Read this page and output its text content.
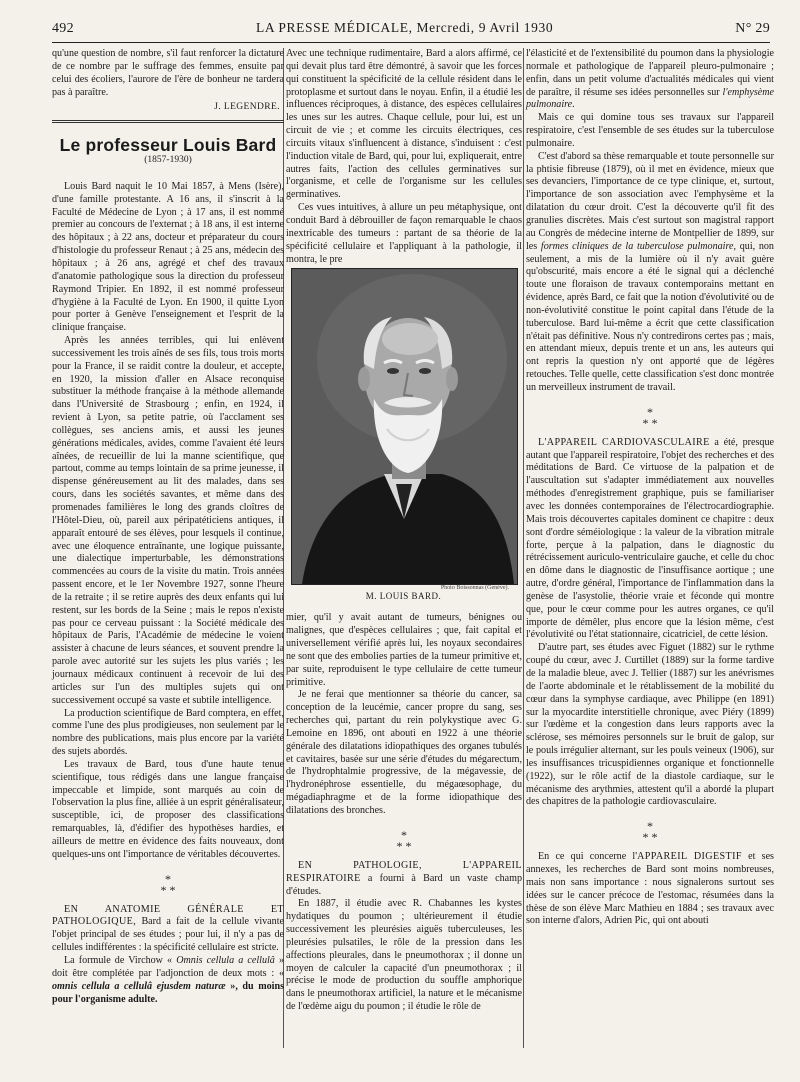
492	LA PRESSE MÉDICALE, Mercredi, 9 Avril 1930	N° 29

qu'une question de nombre, s'il faut renforcer la dictature de ce nombre par le suffrage des femmes, ensuite par celui des écoliers, l'aurore de l'ère de bonheur ne tardera pas à paraître.

J. LEGENDRE.
Le professeur Louis Bard
(1857-1930)

Louis Bard naquit le 10 Mai 1857, à Mens (Isère), d'une famille protestante. A 16 ans, il s'inscrit à la Faculté de Médecine de Lyon ; à 17 ans, il est nommé premier au concours de l'externat ; à 18 ans, il est interne des hôpitaux ; à 22 ans, docteur et préparateur du cours d'histologie du professeur Renaut ; à 25 ans, médecin des hôpitaux ; à 26 ans, agrégé et chef des travaux d'anatomie pathologique sous la direction du professeur Raymond Tripier. En 1892, il est nommé professeur d'hygiène à la Faculté de Lyon. En 1900, il quitte Lyon pour porter à Genève l'enseignement et l'esprit de la clinique française.

Après les années terribles, qui lui enlèvent successivement les trois aînés de ses fils, tous trois morts pour la France, il se raidit contre la douleur, et accepte, en 1920, la mission d'aller en Alsace reconquise substituer la méthode française à la méthode allemande dans l'Université de Strasbourg ; enfin, en 1924, il revient à Lyon, sa petite patrie, où l'acclament ses collègues, ses anciens amis, et aussi les jeunes générations médicales, avides, comme l'avaient été leurs aînées, de recueillir de lui la manne scientifique, que partout, comme au temps lointain de sa prime jeunesse, il dispense généreusement au lit des malades, dans ses cours, dans les sociétés savantes, et même dans des promenades familières le long des grands cloîtres de l'Hôtel-Dieu, où, pareil aux péripatéticiens antiques, il apparaît entouré de ses élèves, pour lesquels il continue, avec une éloquence entraînante, une logique puissante, une dialectique imperturbable, les démonstrations commencées au cours de la visite du matin. Trois années passent encore, et le 1er Novembre 1927, sonne l'heure de la retraite ; il se retire auprès des deux enfants qui lui restent, sur les bords de la Seine ; mais le repos n'existe pas pour ce cerveau puissant : la Société médicale des hôpitaux de Paris, l'Académie de médecine le voient assister à chacune de leurs séances, et souvent prendre la parole avec autorité sur les sujets les plus variés ; les journaux médicaux continuent à recevoir de lui des articles sur l'un des multiples sujets qui ont successivement occupé sa vaste et subtile intelligence.

La production scientifique de Bard comptera, en effet, comme l'une des plus prodigieuses, non seulement par le nombre des publications, mais plus encore par la variété des sujets abordés.

Les travaux de Bard, tous d'une haute tenue scientifique, tous rédigés dans une langue française impeccable et limpide, sont marqués au coin de l'observation la plus fine, alliée à un esprit généralisateur, susceptible, ici, de proposer des classifications remarquables, là, d'édifier des hypothèses hardies, et ailleurs de mettre en évidence des faits nouveaux, dont quelques-uns ont l'importance de véritables découvertes.

*
* *

EN ANATOMIE GÉNÉRALE ET PATHOLOGIQUE, Bard a fait de la cellule vivante l'objet principal de ses études ; pour lui, il n'y a pas de cellules indifférentes : la spécificité cellulaire est stricte.

La formule de Virchow « Omnis cellula a cellulâ » doit être complétée par l'adjonction de deux mots : « omnis cellula a cellulâ ejusdem naturæ », du moins pour l'organisme adulte.

Avec une technique rudimentaire, Bard a alors affirmé, ce qui devait plus tard être démontré, à savoir que les forces qui constituent la spécificité de la cellule résident dans le protoplasme et surtout dans le noyau. Enfin, il a étudié les influences réciproques, à distance, des espèces cellulaires les unes sur les autres. Chaque cellule, pour lui, est un circuit de vie ; et comme les circuits électriques, ces circuits vitaux s'influencent à distance, s'induisent : c'est l'induction vitale de Bard, qui, pour lui, expliquerait, entre autres faits, l'action des cellules germinatives sur l'organisme, et celle de l'organisme sur les cellules germinatives.

Ces vues intuitives, à allure un peu métaphysique, ont conduit Bard à débrouiller de façon remarquable le chaos inextricable des tumeurs : partant de sa théorie de la spécificité cellulaire et l'appliquant à la pathologie, il montra, le pre

mier, qu'il y avait autant de tumeurs, bénignes ou malignes, que d'espèces cellulaires ; que, fait capital et universellement vérifié après lui, les noyaux secondaires ne sont que des embolies parties de la tumeur primitive et, par suite, reproduisent le type cellulaire de cette tumeur primitive.

Je ne ferai que mentionner sa théorie du cancer, sa conception de la leucémie, cancer propre du sang, ses recherches qui, partant du rein polykystique avec G. Lemoine en 1896, ont abouti en 1922 à une théorie générale des dilatations idiopathiques des organes tubulés et cavitaires, basée sur une série d'études du mégarectum, de l'hydrophtalmie progressive, de la mégavessie, de l'hydronéphrose essentielle, du mégaœsophage, du mégadiaphragme et de la forme idiopathique des dilatations des bronches.

*
* *

EN PATHOLOGIE, L'APPAREIL RESPIRATOIRE a fourni à Bard un vaste champ d'études.

En 1887, il étudie avec R. Chabannes les kystes hydatiques du poumon ; ultérieurement il étudie successivement les pleurésies aiguës tuberculeuses, les pleurésies pulsatiles, le rôle de la pression dans les affections pleurales, dans le pneumothorax ; il donne un moyen de calculer la capacité d'un pneumothorax ; il précise le mode de production du souffle amphorique dans le pneumothorax artificiel, la nature et le mécanisme de l'œdème aigu du poumon ; il étudie le rôle de

Photo Boissonnas (Genève).
M. LOUIS BARD.

l'élasticité et de l'extensibilité du poumon dans la physiologie normale et pathologique de l'appareil pleuro-pulmonaire ; enfin, dans un petit volume d'actualités médicales qui vient de paraître, il résume ses idées personnelles sur l'emphysème pulmonaire.

Mais ce qui domine tous ses travaux sur l'appareil respiratoire, c'est l'ensemble de ses études sur la tuberculose pulmonaire.

C'est d'abord sa thèse remarquable et toute personnelle sur la phtisie fibreuse (1879), où il met en évidence, mieux que ses devanciers, l'importance de ce type clinique, et, surtout, l'importance de son association avec l'emphysème et la dilatation du cœur droit. C'est la découverte qu'il fit des granulies discrètes. Mais c'est surtout son magistral rapport au Congrès de médecine interne de Montpellier de 1899, sur les formes cliniques de la tuberculose pulmonaire, qui, non seulement, a mis de la lumière où il n'y avait guère qu'obscurité, mais encore a été le signal qui a déclenché toute une floraison de travaux contemporains mettant en évidence, après Bard, ce fait que la notion d'évolutivité ou de non-évolutivité constitue le point capital dans l'étude de la tuberculose. Bard lui-même a écrit que cette classification n'était pas définitive. Nous n'y contredirons certes pas ; mais, en attendant mieux, depuis trente et un ans, les auteurs qui ont repris la question n'y ont apporté que de légères retouches. Telle quelle, cette classification s'est donc montrée un merveilleux instrument de travail.

*
* *

L'APPAREIL CARDIOVASCULAIRE a été, presque autant que l'appareil respiratoire, l'objet des recherches et des méditations de Bard. Ce virtuose de la palpation et de l'auscultation sut s'adapter immédiatement aux nouvelles méthodes d'enregistrement graphique, puis se familiariser avec les données contemporaines de l'électrocardiographie. Mais trois découvertes capitales dominent ce chapitre : deux sont d'ordre séméiologique : la valeur de la vibration mitrale forte, perçue à la palpation, dans le diagnostic du rétrécissement auriculo-ventriculaire gauche, et celle du choc en dôme dans le diagnostic de l'insuffisance aortique ; une autre, d'ordre général, l'importance de l'inflammation dans la genèse de l'asystolie, théorie vraie et féconde qui montre que, pour le cœur comme pour les autres organes, ce qu'il importe de démêler, plus encore que la lésion même, c'est l'évolutivité ou l'état stationnaire, cicatriciel, de cette lésion.

D'autre part, ses études avec Figuet (1882) sur le rythme coupé du cœur, avec J. Curtillet (1889) sur la forme tardive de la maladie bleue, avec J. Tellier (1887) sur les anévrismes de l'aorte abdominale et le rétablissement de la mobilité du cœur dans la symphyse cardiaque, avec Philippe (en 1891) sur la myocardite interstitielle chronique, avec Piéry (1899) sur l'œdème et la congestion dans leurs rapports avec la sclérose, ses mémoires personnels sur le bruit de galop, sur le pouls irrégulier alternant, sur les pouls veineux (1906), sur les insuffisances tricuspidiennes organique et fonctionnelle (1922), sur le rôle actif de la diastole cardiaque, sur le mécanisme des arythmies, attestent qu'il a abordé la plupart des chapitres de la pathologie cardiovasculaire.

*
* *

En ce qui concerne l'APPAREIL DIGESTIF et ses annexes, les recherches de Bard sont moins nombreuses, mais non sans importance : nous signalerons surtout ses idées sur le cancer précoce de l'estomac, résumées dans la thèse de son élève Marc Mathieu en 1884 ; ses travaux avec son interne d'alors, Adrien Pic, qui ont abouti
